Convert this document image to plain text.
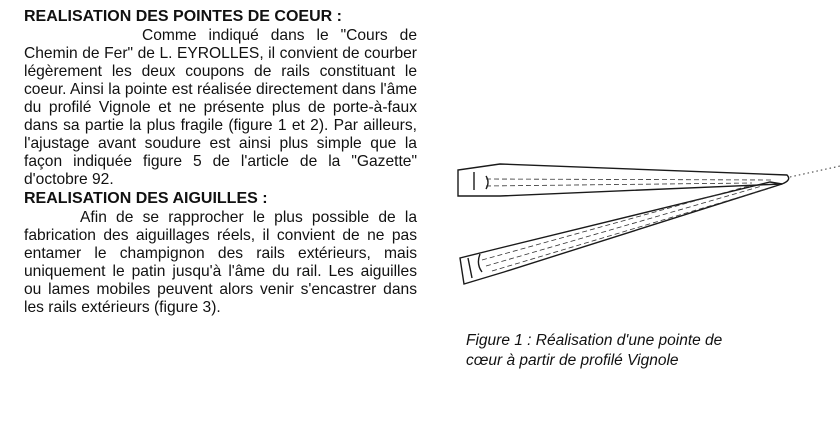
REALISATION DES POINTES DE COEUR :

Comme indiqué dans le "Cours de Chemin de Fer" de L. EYROLLES, il convient de courber légèrement les deux coupons de rails constituant le coeur. Ainsi la pointe est réalisée directement dans l'âme du profilé Vignole et ne présente plus de porte-à-faux dans sa partie la plus fragile (figure 1 et 2). Par ailleurs, l'ajustage avant soudure est ainsi plus simple que la façon indiquée figure 5 de l'article de la "Gazette" d'octobre 92.

REALISATION DES AIGUILLES :

Afin de se rapprocher le plus possible de la fabrication des aiguillages réels, il convient de ne pas entamer le champignon des rails extérieurs, mais uniquement le patin jusqu'à l'âme du rail. Les aiguilles ou lames mobiles peuvent alors venir s'encastrer dans les rails extérieurs (figure 3).

Figure 1 : Réalisation d'une pointe de
cœur à partir de profilé Vignole
